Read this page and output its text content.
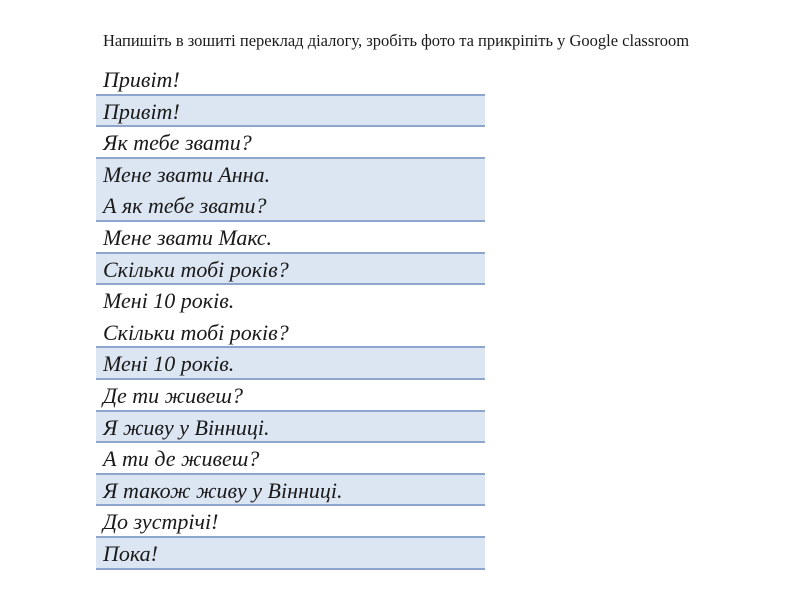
Напишіть в зошиті переклад діалогу, зробіть фото та прикріпіть у Google classroom
Привіт!
Привіт!
Як тебе звати?
Мене звати Анна.
А як тебе звати?
Мене звати Макс.
Скільки тобі років?
Мені 10 років.
Скільки тобі років?
Мені 10 років.
Де ти живеш?
Я живу у Вінниці.
А ти де живеш?
Я також живу у Вінниці.
До зустрічі!
Пока!
